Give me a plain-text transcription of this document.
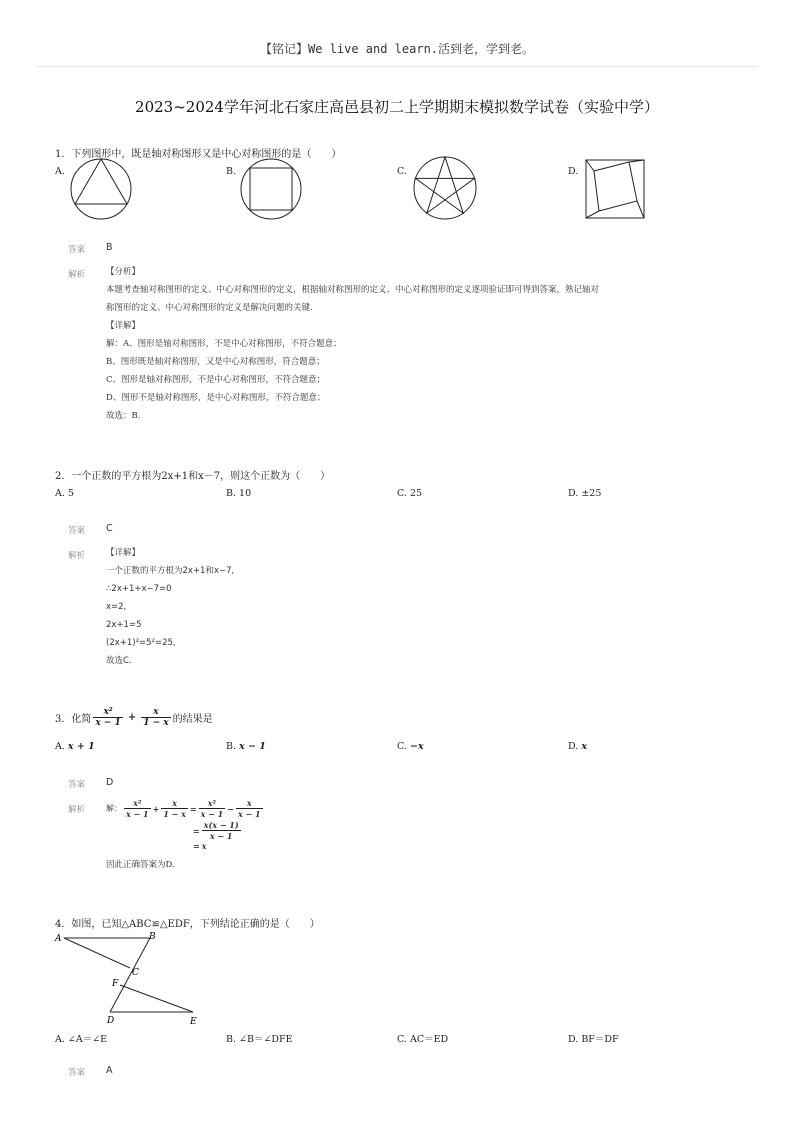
【铭记】We live and learn.活到老，学到老。
2023~2024学年河北石家庄高邑县初二上学期期末模拟数学试卷（实验中学）
1．下列图形中，既是轴对称图形又是中心对称图形的是（　　）
A.	B.	C.	D.
答案 B
解析 【分析】
本题考查轴对称图形的定义、中心对称图形的定义，根据轴对称图形的定义、中心对称图形的定义逐项验证即可得到答案，熟记轴对
称图形的定义、中心对称图形的定义是解决问题的关键.
【详解】
解：A、图形是轴对称图形，不是中心对称图形，不符合题意；
B、图形既是轴对称图形，又是中心对称图形，符合题意；
C、图形是轴对称图形，不是中心对称图形，不符合题意；
D、图形不是轴对称图形，是中心对称图形，不符合题意；
故选：B.
2．一个正数的平方根为2x+1和x－7，则这个正数为（　　）
A. 5	B. 10	C. 25	D. ±25
答案 C
解析 【详解】
一个正数的平方根为2x+1和x−7,
∴2x+1+x−7=0
x=2,
2x+1=5
(2x+1)²=5²=25,
故选C.
3．化简 $\frac{\text{x²}}{x - 1} + \frac{x}{1 - x}$ 的结果是
A. x + 1	B. x − 1	C. −x	D. x
答案 D
解析	解： $\frac{\text{x²}}{x - 1} + \frac{x}{1 - x} = \frac{\text{x²}}{x - 1} - \frac{x}{x - 1}$
= $\frac{x(x - 1)}{x - 1}$
= x
因此正确答案为D.
4．如图，已知△ABC≌△EDF，下列结论正确的是（　　）
A	B
C
F
D	E
A. ∠A＝∠E	B. ∠B＝∠DFE	C. AC＝ED	D. BF＝DF
答案 A
